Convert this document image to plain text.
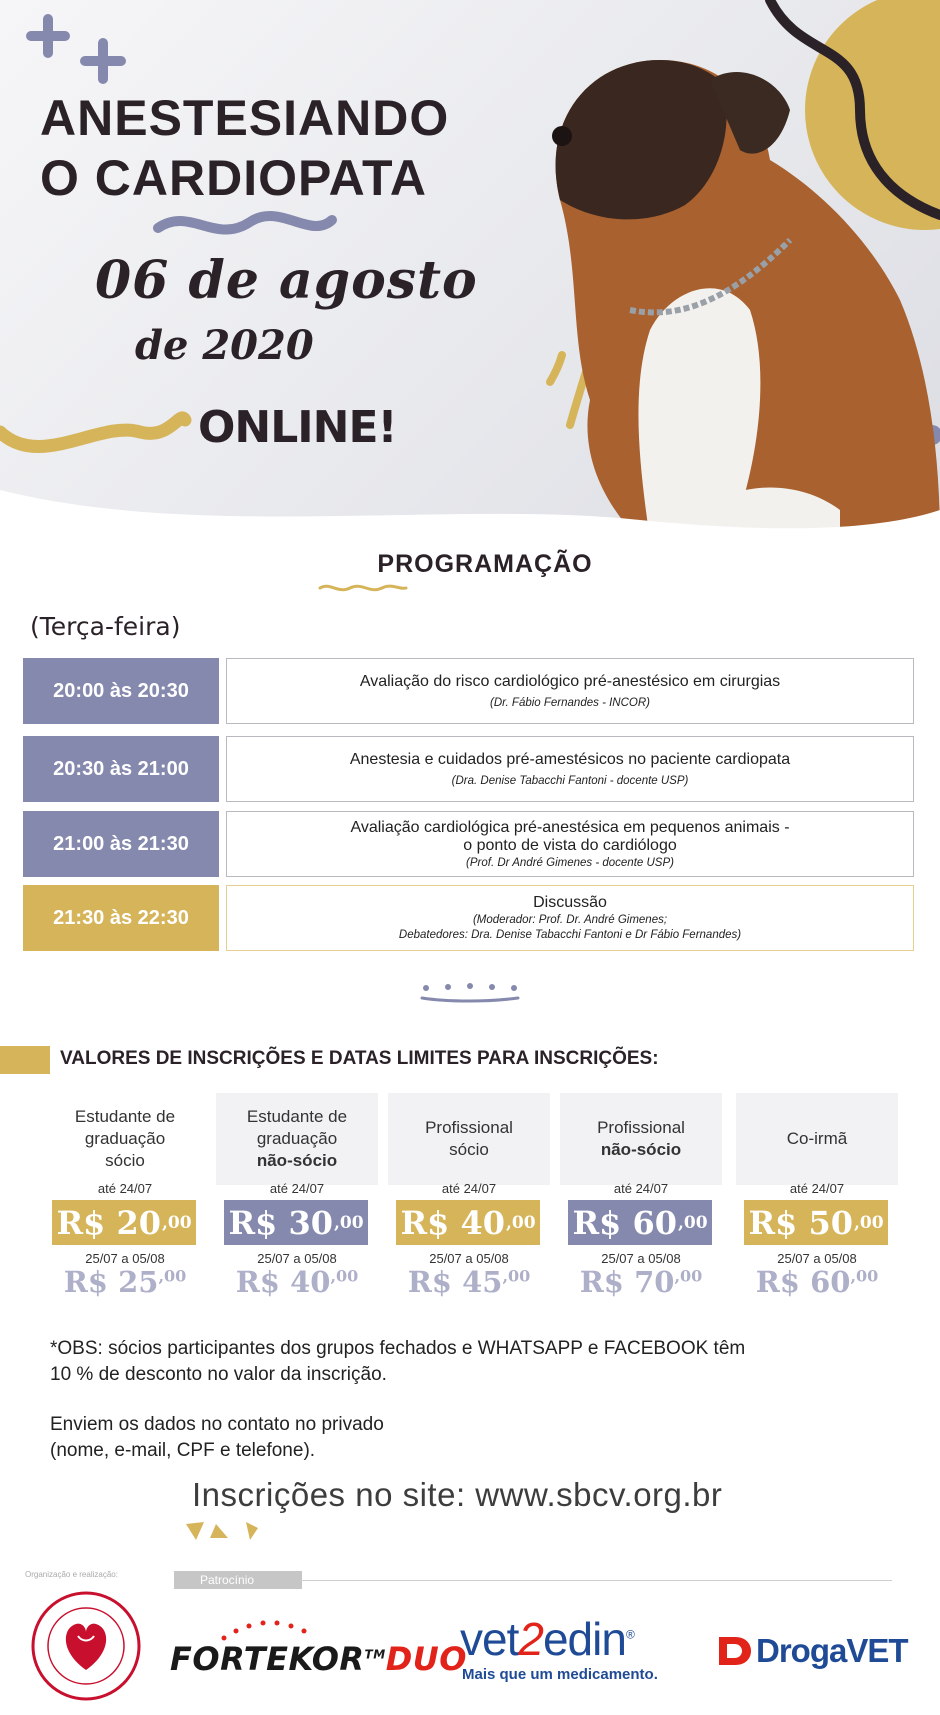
ANESTESIANDO
O CARDIOPATA
06 de agosto
de 2020
ONLINE!
PROGRAMAÇÃO
(Terça-feira)
20:00 às 20:30	Avaliação do risco cardiológico pré-anestésico em cirurgias
(Dr. Fábio Fernandes - INCOR)
20:30 às 21:00	Anestesia e cuidados pré-amestésicos no paciente cardiopata
(Dra. Denise Tabacchi Fantoni - docente USP)
21:00 às 21:30
Avaliação cardiológica pré-anestésica em pequenos animais -
o ponto de vista do cardiólogo
(Prof. Dr André Gimenes - docente USP)
21:30 às 22:30
Discussão
(Moderador: Prof. Dr. André Gimenes;
Debatedores: Dra. Denise Tabacchi Fantoni e Dr Fábio Fernandes)
VALORES DE INSCRIÇÕES E DATAS LIMITES PARA INSCRIÇÕES:
Estudante de
graduação
sócio
até 24/07
R$ 20 ,00
25/07 a 05/08
R$ $25^{,00}$
Estudante de
graduação
não-sócio
até 24/07
R$ 30 ,00
25/07 a 05/08
R$ $40^{,00}$
Profissional
sócio
até 24/07
R$ 40 ,00
25/07 a 05/08
R$ $45^{,00}$
Profissional
não-sócio
até 24/07
R$ 60 ,00
25/07 a 05/08
R$ $70^{,00}$
Co-irmã
até 24/07
R$ 50 ,00
25/07 a 05/08
R$ $60^{,00}$
*OBS: sócios participantes dos grupos fechados e WHATSAPP e FACEBOOK têm
10 % de desconto no valor da inscrição.
Enviem os dados no contato no privado
(nome, e-mail, CPF e telefone).
Inscrições no site: www.sbcv.org.br
Organização e realização:	Patrocínio
FORTEKOR™DUO
vet2edin®
Mais que um medicamento.
DrogaVET
